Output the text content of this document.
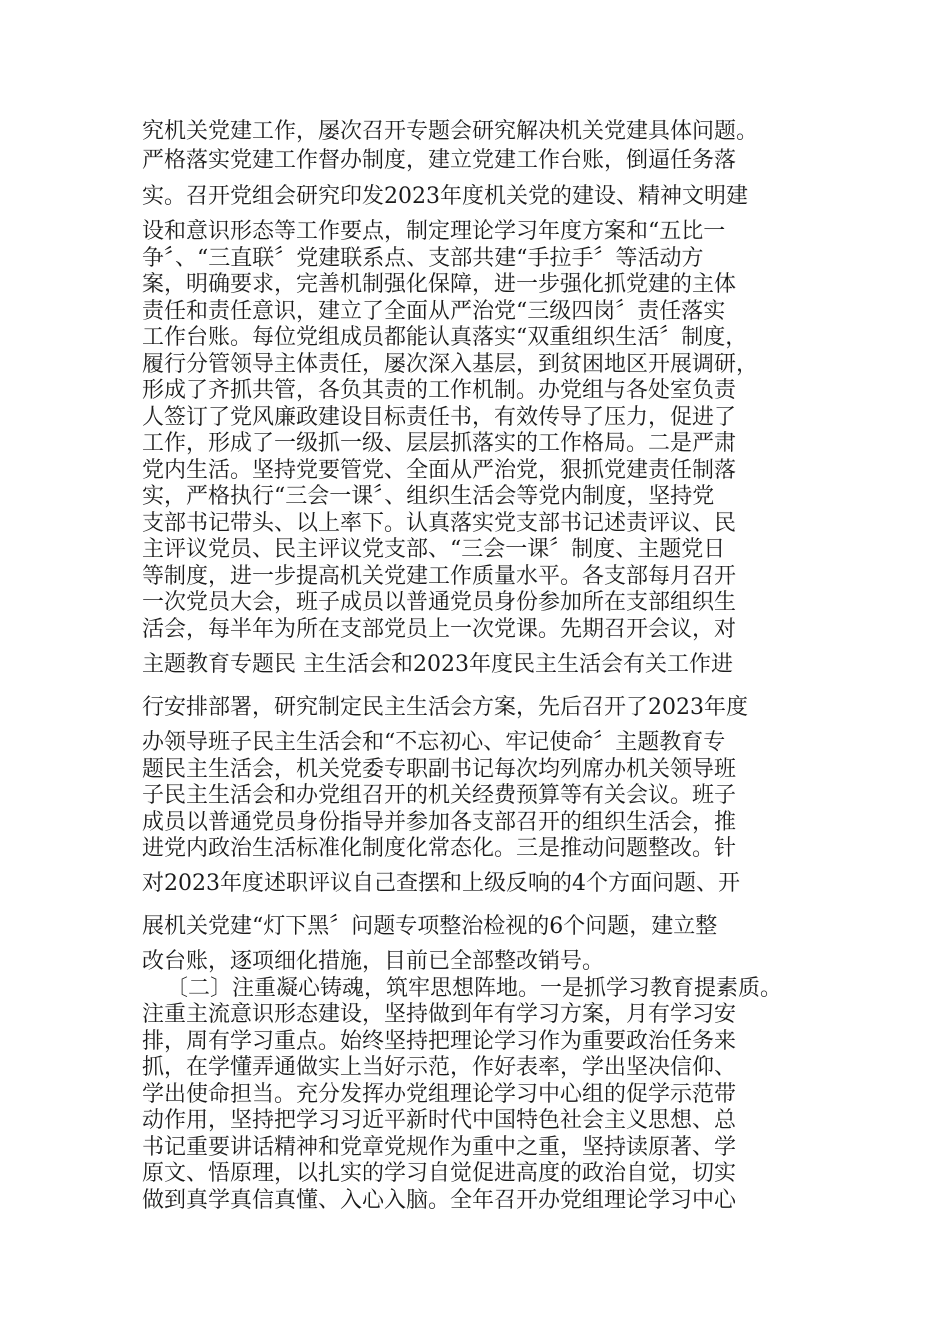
究机关党建工作，屡次召开专题会研究解决机关党建具体问题。

严格落实党建工作督办制度，建立党建工作台账，倒逼任务落

实。召开党组会研究印发2023年度机关党的建设、精神文明建

设和意识形态等工作要点，制定理论学习年度方案和“五比一

争〞、“三直联〞党建联系点、支部共建“手拉手〞等活动方

案，明确要求，完善机制强化保障，进一步强化抓党建的主体

责任和责任意识，建立了全面从严治党“三级四岗〞责任落实

工作台账。每位党组成员都能认真落实“双重组织生活〞制度，

履行分管领导主体责任，屡次深入基层，到贫困地区开展调研，

形成了齐抓共管，各负其责的工作机制。办党组与各处室负责

人签订了党风廉政建设目标责任书，有效传导了压力，促进了

工作，形成了一级抓一级、层层抓落实的工作格局。二是严肃

党内生活。坚持党要管党、全面从严治党，狠抓党建责任制落

实，严格执行“三会一课〞、组织生活会等党内制度，坚持党

支部书记带头、以上率下。认真落实党支部书记述责评议、民

主评议党员、民主评议党支部、“三会一课〞制度、主题党日

等制度，进一步提高机关党建工作质量水平。各支部每月召开

一次党员大会，班子成员以普通党员身份参加所在支部组织生

活会，每半年为所在支部党员上一次党课。先期召开会议，对

主题教育专题民 主生活会和2023年度民主生活会有关工作进

行安排部署，研究制定民主生活会方案，先后召开了2023年度

办领导班子民主生活会和“不忘初心、牢记使命〞主题教育专

题民主生活会，机关党委专职副书记每次均列席办机关领导班

子民主生活会和办党组召开的机关经费预算等有关会议。班子

成员以普通党员身份指导并参加各支部召开的组织生活会，推

进党内政治生活标准化制度化常态化。三是推动问题整改。针

对2023年度述职评议自己查摆和上级反响的4个方面问题、开

展机关党建“灯下黑〞问题专项整治检视的6个问题，建立整

改台账，逐项细化措施，目前已全部整改销号。

〔二〕注重凝心铸魂，筑牢思想阵地。一是抓学习教育提素质。

注重主流意识形态建设，坚持做到年有学习方案，月有学习安

排，周有学习重点。始终坚持把理论学习作为重要政治任务来

抓，在学懂弄通做实上当好示范，作好表率，学出坚决信仰、

学出使命担当。充分发挥办党组理论学习中心组的促学示范带

动作用，坚持把学习习近平新时代中国特色社会主义思想、总

书记重要讲话精神和党章党规作为重中之重，坚持读原著、学

原文、悟原理，以扎实的学习自觉促进高度的政治自觉，切实

做到真学真信真懂、入心入脑。全年召开办党组理论学习中心
